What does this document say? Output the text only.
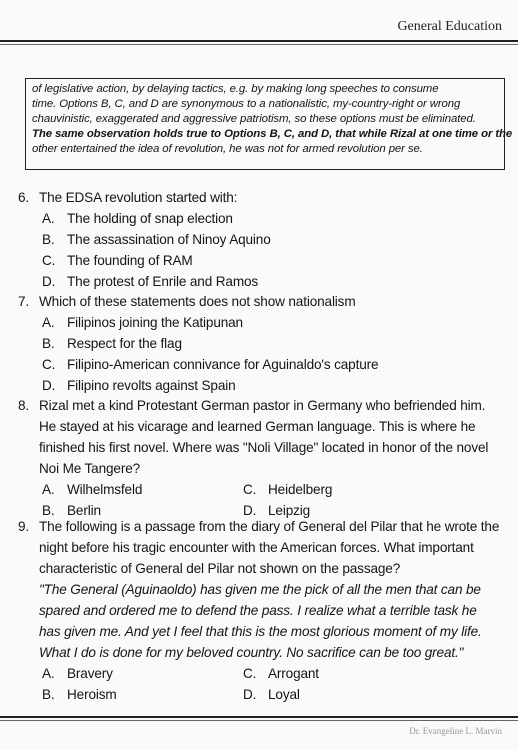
General Education
of legislative action, by delaying tactics, e.g. by making long speeches to consume
time. Options B, C, and D are synonymous to a nationalistic, my-country-right or wrong
chauvinistic, exaggerated and aggressive patriotism, so these options must be eliminated.
The same observation holds true to Options B, C, and D, that while Rizal at one time or the
other entertained the idea of revolution, he was not for armed revolution per se.
6. The EDSA revolution started with:
A. The holding of snap election
B. The assassination of Ninoy Aquino
C. The founding of RAM
D. The protest of Enrile and Ramos
7. Which of these statements does not show nationalism
A. Filipinos joining the Katipunan
B. Respect for the flag
C. Filipino-American connivance for Aguinaldo's capture
D. Filipino revolts against Spain
8. Rizal met a kind Protestant German pastor in Germany who befriended him.
He stayed at his vicarage and learned German language. This is where he
finished his first novel. Where was "Noli Village" located in honor of the novel
Noi Me Tangere?
A. Wilhelmsfeld	C. Heidelberg
B. Berlin	D. Leipzig
9. The following is a passage from the diary of General del Pilar that he wrote the
night before his tragic encounter with the American forces. What important
characteristic of General del Pilar not shown on the passage?
"The General (Aguinaoldo) has given me the pick of all the men that can be
spared and ordered me to defend the pass. I realize what a terrible task he
has given me. And yet I feel that this is the most glorious moment of my life.
What I do is done for my beloved country. No sacrifice can be too great."
A. Bravery	C. Arrogant
B. Heroism	D. Loyal
Dr. Evangeline L. Marvin
